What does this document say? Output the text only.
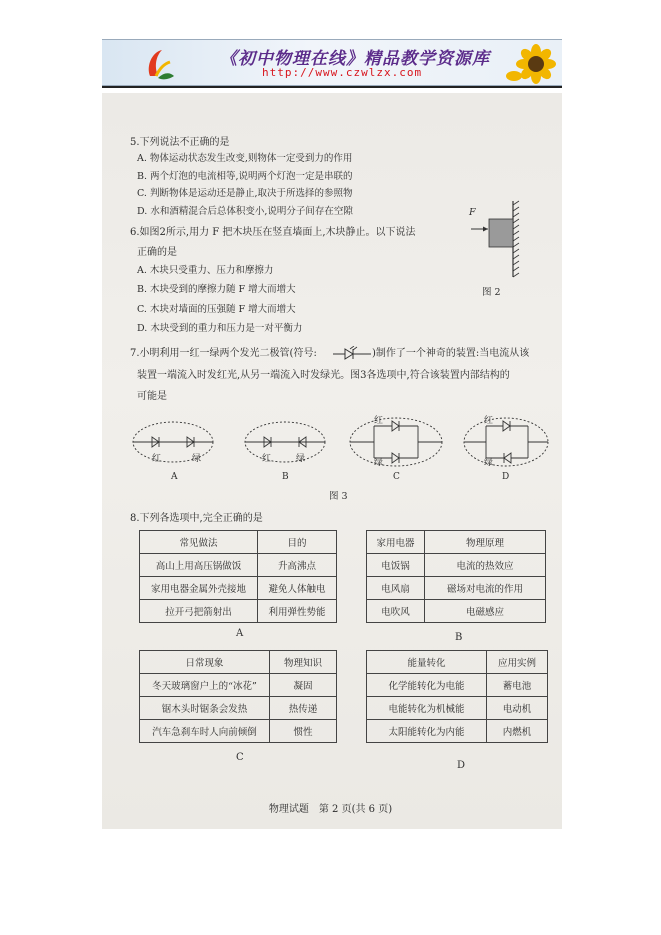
《初中物理在线》精品教学资源库
http://www.czwlzx.com
5.下列说法不正确的是
A. 物体运动状态发生改变,则物体一定受到力的作用
B. 两个灯泡的电流相等,说明两个灯泡一定是串联的
C. 判断物体是运动还是静止,取决于所选择的参照物
D. 水和酒精混合后总体积变小,说明分子间存在空隙
6.如图2所示,用力 F 把木块压在竖直墙面上,木块静止。以下说法
正确的是
A. 木块只受重力、压力和摩擦力
B. 木块受到的摩擦力随 F 增大而增大
C. 木块对墙面的压强随 F 增大而增大
D. 木块受到的重力和压力是一对平衡力
F
图 2
7.小明利用一红一绿两个发光二极管(符号:	)制作了一个神奇的装置:当电流从该
装置一端流入时发红光,从另一端流入时发绿光。图3各选项中,符合该装置内部结构的
可能是
红	绿	红	绿
红
绿
红
绿
A	B	C	D
图 3
8.下列各选项中,完全正确的是
常见做法	目的
高山上用高压锅做饭	升高沸点
家用电器金属外壳接地	避免人体触电
拉开弓把箭射出	利用弹性势能
A
家用电器	物理原理
电饭锅	电流的热效应
电风扇	磁场对电流的作用
电吹风	电磁感应
B
日常现象	物理知识
冬天玻璃窗户上的“冰花”	凝固
锯木头时锯条会发热	热传递
汽车急刹车时人向前倾倒	惯性
C
能量转化	应用实例
化学能转化为电能	蓄电池
电能转化为机械能	电动机
太阳能转化为内能	内燃机
D
物理试题　第 2 页(共 6 页)
